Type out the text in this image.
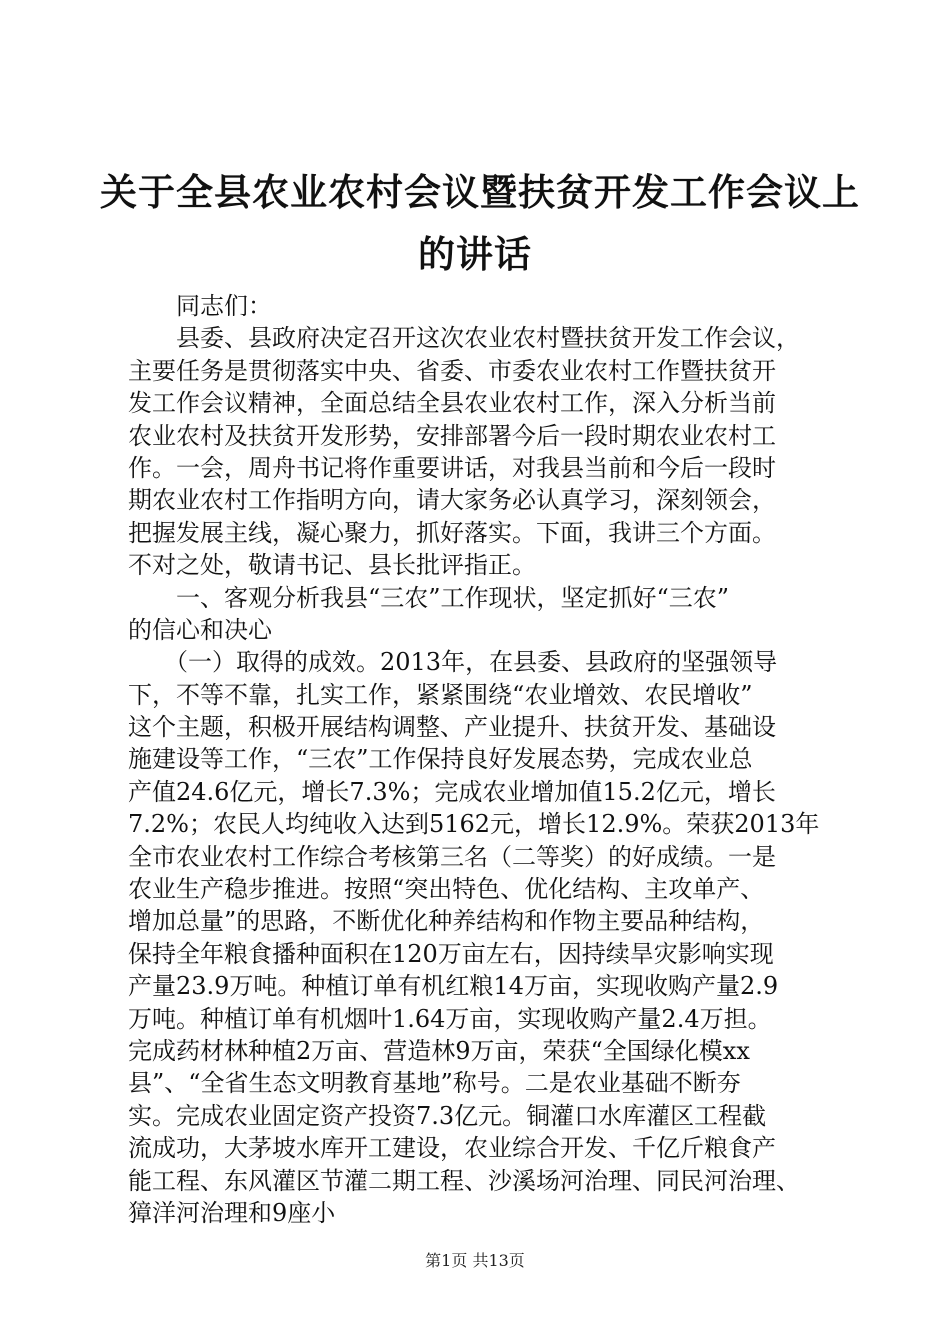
关于全县农业农村会议暨扶贫开发工作会议上
的讲话
　　同志们：
　　县委、县政府决定召开这次农业农村暨扶贫开发工作会议，
主要任务是贯彻落实中央、省委、市委农业农村工作暨扶贫开
发工作会议精神，全面总结全县农业农村工作，深入分析当前
农业农村及扶贫开发形势，安排部署今后一段时期农业农村工
作。一会，周舟书记将作重要讲话，对我县当前和今后一段时
期农业农村工作指明方向，请大家务必认真学习，深刻领会，
把握发展主线，凝心聚力，抓好落实。下面，我讲三个方面。
不对之处，敬请书记、县长批评指正。
　　一、客观分析我县“三农”工作现状，坚定抓好“三农”
的信心和决心
　　（一）取得的成效。2013年，在县委、县政府的坚强领导
下，不等不靠，扎实工作，紧紧围绕“农业增效、农民增收”
这个主题，积极开展结构调整、产业提升、扶贫开发、基础设
施建设等工作，“三农”工作保持良好发展态势，完成农业总
产值24.6亿元，增长7.3%；完成农业增加值15.2亿元，增长
7.2%；农民人均纯收入达到5162元，增长12.9%。荣获2013年
全市农业农村工作综合考核第三名（二等奖）的好成绩。一是
农业生产稳步推进。按照“突出特色、优化结构、主攻单产、
增加总量”的思路，不断优化种养结构和作物主要品种结构，
保持全年粮食播种面积在120万亩左右，因持续旱灾影响实现
产量23.9万吨。种植订单有机红粮14万亩，实现收购产量2.9
万吨。种植订单有机烟叶1.64万亩，实现收购产量2.4万担。
完成药材林种植2万亩、营造林9万亩，荣获“全国绿化模xx
县”、“全省生态文明教育基地”称号。二是农业基础不断夯
实。完成农业固定资产投资7.3亿元。铜灌口水库灌区工程截
流成功，大茅坡水库开工建设，农业综合开发、千亿斤粮食产
能工程、东风灌区节灌二期工程、沙溪场河治理、同民河治理、
獐洋河治理和9座小
第1页 共13页
